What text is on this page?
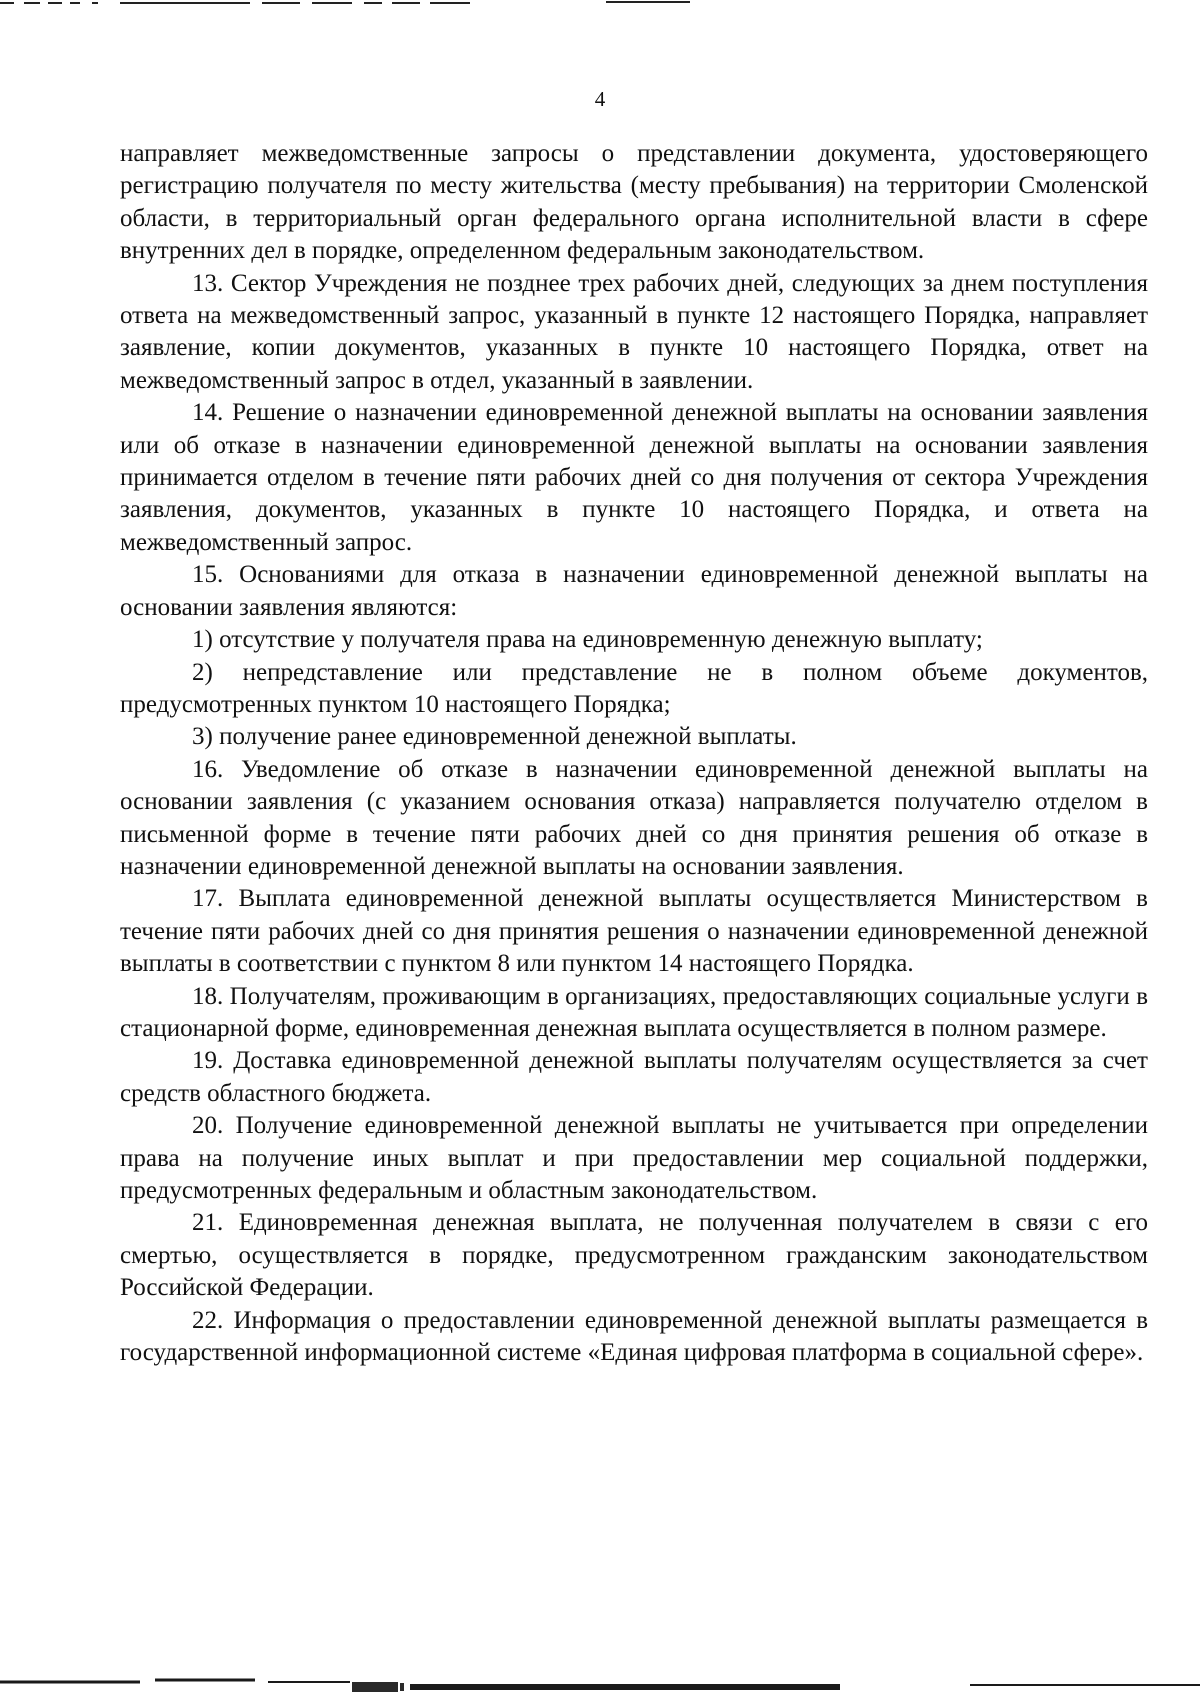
4

направляет межведомственные запросы о представлении документа, удостоверяющего регистрацию получателя по месту жительства (месту пребывания) на территории Смоленской области, в территориальный орган федерального органа исполнительной власти в сфере внутренних дел в порядке, определенном федеральным законодательством.

13. Сектор Учреждения не позднее трех рабочих дней, следующих за днем поступления ответа на межведомственный запрос, указанный в пункте 12 настоящего Порядка, направляет заявление, копии документов, указанных в пункте 10 настоящего Порядка, ответ на межведомственный запрос в отдел, указанный в заявлении.

14. Решение о назначении единовременной денежной выплаты на основании заявления или об отказе в назначении единовременной денежной выплаты на основании заявления принимается отделом в течение пяти рабочих дней со дня получения от сектора Учреждения заявления, документов, указанных в пункте 10 настоящего Порядка, и ответа на межведомственный запрос.

15. Основаниями для отказа в назначении единовременной денежной выплаты на основании заявления являются:

1) отсутствие у получателя права на единовременную денежную выплату;

2) непредставление или представление не в полном объеме документов, предусмотренных пунктом 10 настоящего Порядка;

3) получение ранее единовременной денежной выплаты.

16. Уведомление об отказе в назначении единовременной денежной выплаты на основании заявления (с указанием основания отказа) направляется получателю отделом в письменной форме в течение пяти рабочих дней со дня принятия решения об отказе в назначении единовременной денежной выплаты на основании заявления.

17. Выплата единовременной денежной выплаты осуществляется Министерством в течение пяти рабочих дней со дня принятия решения о назначении единовременной денежной выплаты в соответствии с пунктом 8 или пунктом 14 настоящего Порядка.

18. Получателям, проживающим в организациях, предоставляющих социальные услуги в стационарной форме, единовременная денежная выплата осуществляется в полном размере.

19. Доставка единовременной денежной выплаты получателям осуществляется за счет средств областного бюджета.

20. Получение единовременной денежной выплаты не учитывается при определении права на получение иных выплат и при предоставлении мер социальной поддержки, предусмотренных федеральным и областным законодательством.

21. Единовременная денежная выплата, не полученная получателем в связи с его смертью, осуществляется в порядке, предусмотренном гражданским законодательством Российской Федерации.

22. Информация о предоставлении единовременной денежной выплаты размещается в государственной информационной системе «Единая цифровая платформа в социальной сфере».
